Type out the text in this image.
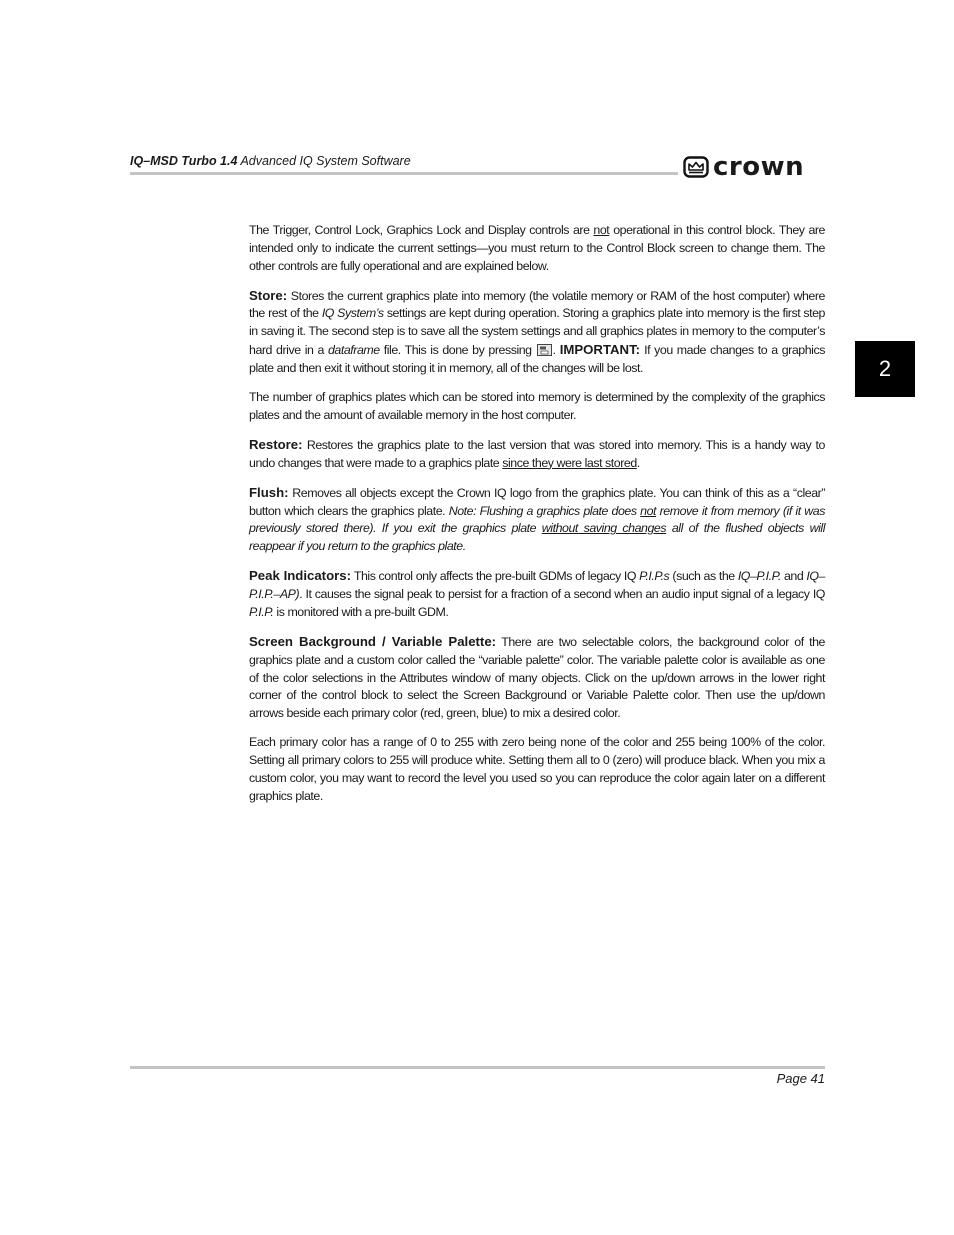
IQ–MSD Turbo 1.4 Advanced IQ System Software	crown
2

The Trigger, Control Lock, Graphics Lock and Display controls are not operational in this control block. They are intended only to indicate the current settings—you must return to the Control Block screen to change them. The other controls are fully operational and are explained below.

Store: Stores the current graphics plate into memory (the volatile memory or RAM of the host computer) where the rest of the IQ System’s settings are kept during operation. Storing a graphics plate into memory is the first step in saving it. The second step is to save all the system settings and all graphics plates in memory to the computer’s hard drive in a dataframe file. This is done by pressing
. IMPORTANT: If you made changes to a graphics plate and then exit it without storing it in memory, all of the changes will be lost.

The number of graphics plates which can be stored into memory is determined by the complexity of the graphics plates and the amount of available memory in the host computer.

Restore: Restores the graphics plate to the last version that was stored into memory. This is a handy way to undo changes that were made to a graphics plate since they were last stored.

Flush: Removes all objects except the Crown IQ logo from the graphics plate. You can think of this as a “clear” button which clears the graphics plate. Note: Flushing a graphics plate does not remove it from memory (if it was previously stored there). If you exit the graphics plate without saving changes all of the flushed objects will reappear if you return to the graphics plate.

Peak Indicators: This control only affects the pre-built GDMs of legacy IQ P.I.P.s (such as the IQ–P.I.P. and IQ–P.I.P.–AP). It causes the signal peak to persist for a fraction of a second when an audio input signal of a legacy IQ P.I.P. is monitored with a pre-built GDM.

Screen Background / Variable Palette: There are two selectable colors, the background color of the graphics plate and a custom color called the “variable palette” color. The variable palette color is available as one of the color selections in the Attributes window of many objects. Click on the up/down arrows in the lower right corner of the control block to select the Screen Background or Variable Palette color. Then use the up/down arrows beside each primary color (red, green, blue) to mix a desired color.

Each primary color has a range of 0 to 255 with zero being none of the color and 255 being 100% of the color. Setting all primary colors to 255 will produce white. Setting them all to 0 (zero) will produce black. When you mix a custom color, you may want to record the level you used so you can reproduce the color again later on a different graphics plate.

Page 41
